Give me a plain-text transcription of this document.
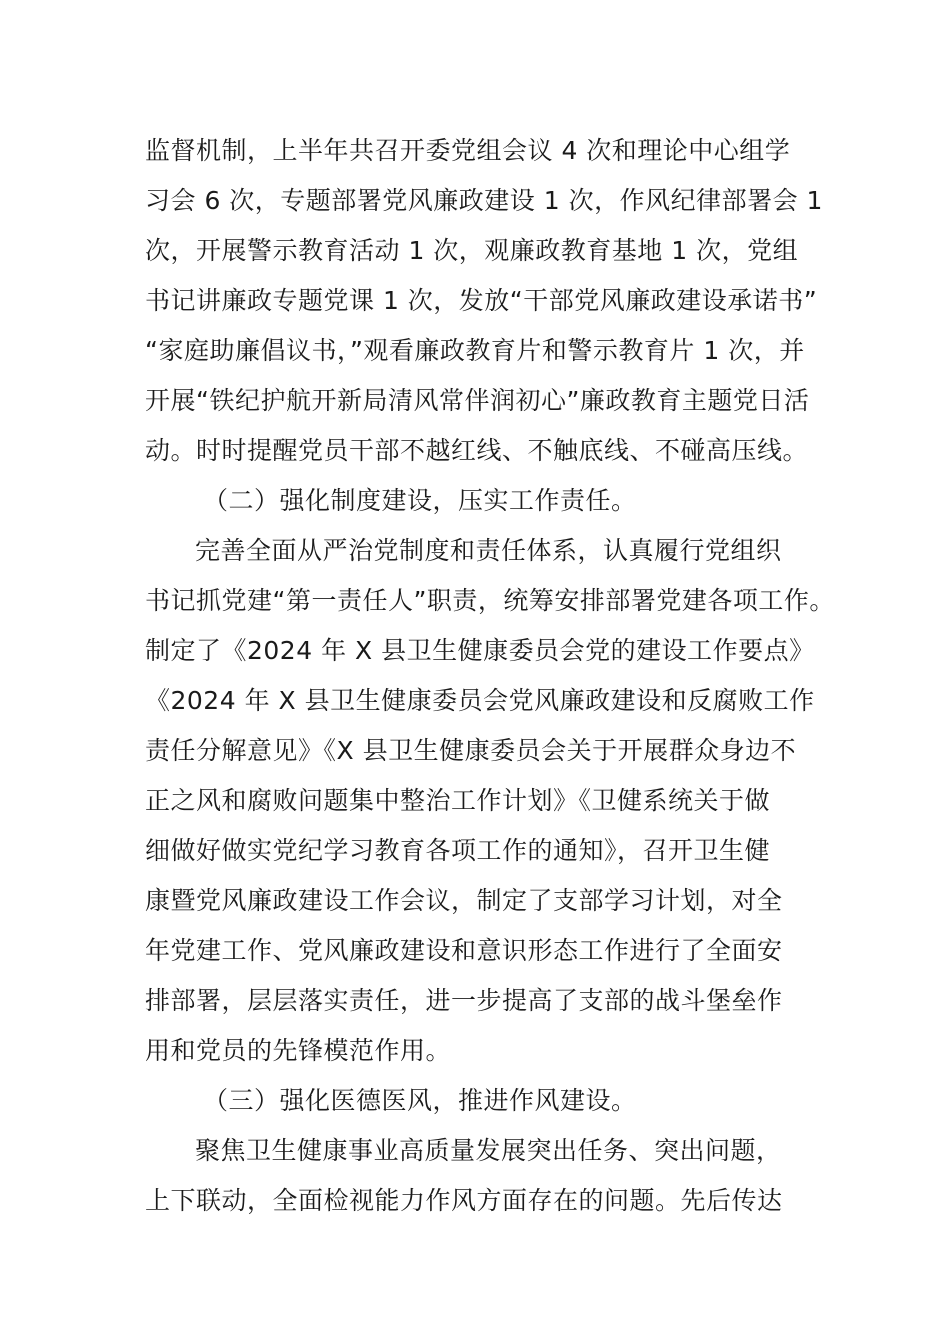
监督机制，上半年共召开委党组会议 4 次和理论中心组学
习会 6 次，专题部署党风廉政建设 1 次，作风纪律部署会 1
次，开展警示教育活动 1 次，观廉政教育基地 1 次，党组
书记讲廉政专题党课 1 次，发放“干部党风廉政建设承诺书”
“家庭助廉倡议书，”观看廉政教育片和警示教育片 1 次，并
开展“铁纪护航开新局清风常伴润初心”廉政教育主题党日活
动。时时提醒党员干部不越红线、不触底线、不碰高压线。
（二）强化制度建设，压实工作责任。
完善全面从严治党制度和责任体系，认真履行党组织
书记抓党建“第一责任人”职责，统筹安排部署党建各项工作。
制定了《2024 年 X 县卫生健康委员会党的建设工作要点》
《2024 年 X 县卫生健康委员会党风廉政建设和反腐败工作
责任分解意见》《X 县卫生健康委员会关于开展群众身边不
正之风和腐败问题集中整治工作计划》《卫健系统关于做
细做好做实党纪学习教育各项工作的通知》，召开卫生健
康暨党风廉政建设工作会议，制定了支部学习计划，对全
年党建工作、党风廉政建设和意识形态工作进行了全面安
排部署，层层落实责任，进一步提高了支部的战斗堡垒作
用和党员的先锋模范作用。
（三）强化医德医风，推进作风建设。
聚焦卫生健康事业高质量发展突出任务、突出问题，
上下联动，全面检视能力作风方面存在的问题。先后传达
